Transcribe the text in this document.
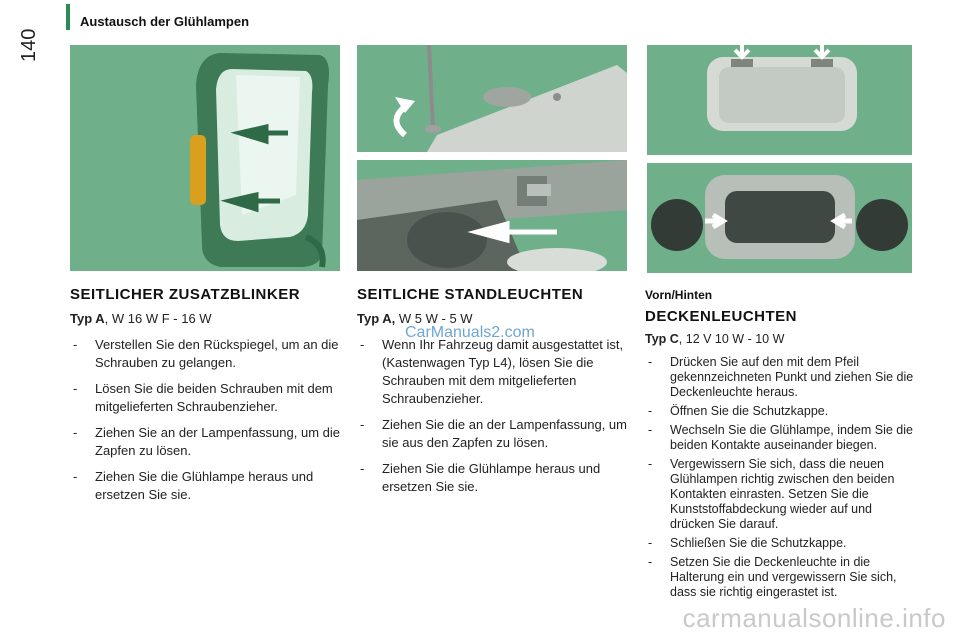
140
Austausch der Glühlampen
SEITLICHER ZUSATZBLINKER
Typ A, W 16 W F - 16 W
- Verstellen Sie den Rückspiegel, um an die Schrauben zu gelangen.
- Lösen Sie die beiden Schrauben mit dem mitgelieferten Schraubenzieher.
- Ziehen Sie an der Lampenfassung, um die Zapfen zu lösen.
- Ziehen Sie die Glühlampe heraus und ersetzen Sie sie.
SEITLICHE STANDLEUCHTEN
Typ A, W 5 W - 5 W
- Wenn Ihr Fahrzeug damit ausgestattet ist, (Kastenwagen Typ L4), lösen Sie die Schrauben mit dem mitgelieferten Schraubenzieher.
- Ziehen Sie die an der Lampenfassung, um sie aus den Zapfen zu lösen.
- Ziehen Sie die Glühlampe heraus und ersetzen Sie sie.
Vorn/Hinten
DECKENLEUCHTEN
Typ C, 12 V 10 W - 10 W
- Drücken Sie auf den mit dem Pfeil gekennzeichneten Punkt und ziehen Sie die Deckenleuchte heraus.
- Öffnen Sie die Schutzkappe.
- Wechseln Sie die Glühlampe, indem Sie die beiden Kontakte auseinander biegen.
- Vergewissern Sie sich, dass die neuen Glühlampen richtig zwischen den beiden Kontakten einrasten. Setzen Sie die Kunststoffabdeckung wieder auf und drücken Sie darauf.
- Schließen Sie die Schutzkappe.
- Setzen Sie die Deckenleuchte in die Halterung ein und vergewissern Sie sich, dass sie richtig eingerastet ist.
CarManuals2.com
carmanualsonline.info
